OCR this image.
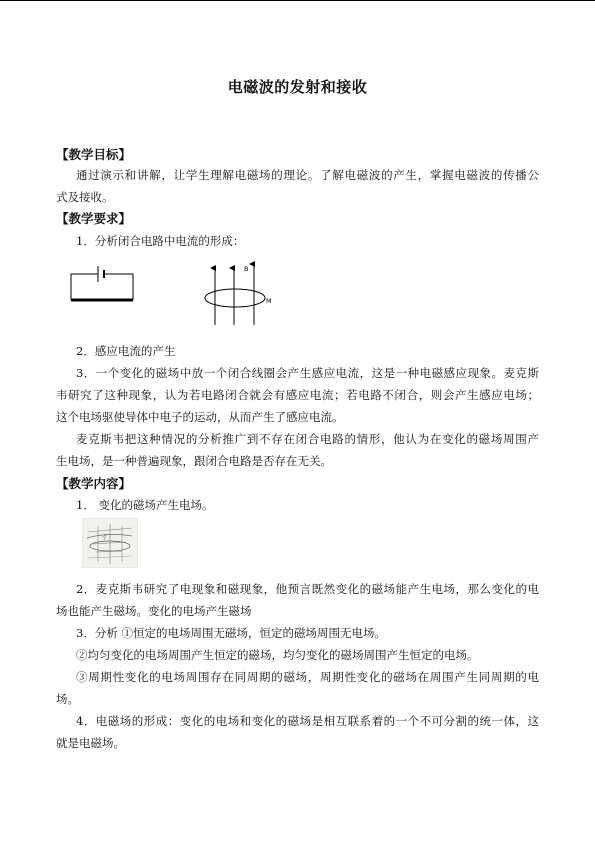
电磁波的发射和接收
【教学目标】
通过演示和讲解，让学生理解电磁场的理论。了解电磁波的产生，掌握电磁波的传播公
式及接收。
【教学要求】
1．分析闭合电路中电流的形成：
B
M
2．感应电流的产生
3．一个变化的磁场中放一个闭合线圈会产生感应电流，这是一种电磁感应现象。麦克斯
韦研究了这种现象，认为若电路闭合就会有感应电流；若电路不闭合，则会产生感应电场；
这个电场驱使导体中电子的运动，从而产生了感应电流。
麦克斯韦把这种情况的分析推广到不存在闭合电路的情形，他认为在变化的磁场周围产
生电场，是一种普遍现象，跟闭合电路是否存在无关。
【教学内容】
1． 变化的磁场产生电场。
2．麦克斯韦研究了电现象和磁现象，他预言既然变化的磁场能产生电场，那么变化的电
场也能产生磁场。变化的电场产生磁场
3．分析 ①恒定的电场周围无磁场，恒定的磁场周围无电场。
②均匀变化的电场周围产生恒定的磁场，均匀变化的磁场周围产生恒定的电场。
③周期性变化的电场周围存在同周期的磁场，周期性变化的磁场在周围产生同周期的电
场。
4．电磁场的形成：变化的电场和变化的磁场是相互联系着的一个不可分割的统一体，这
就是电磁场。
